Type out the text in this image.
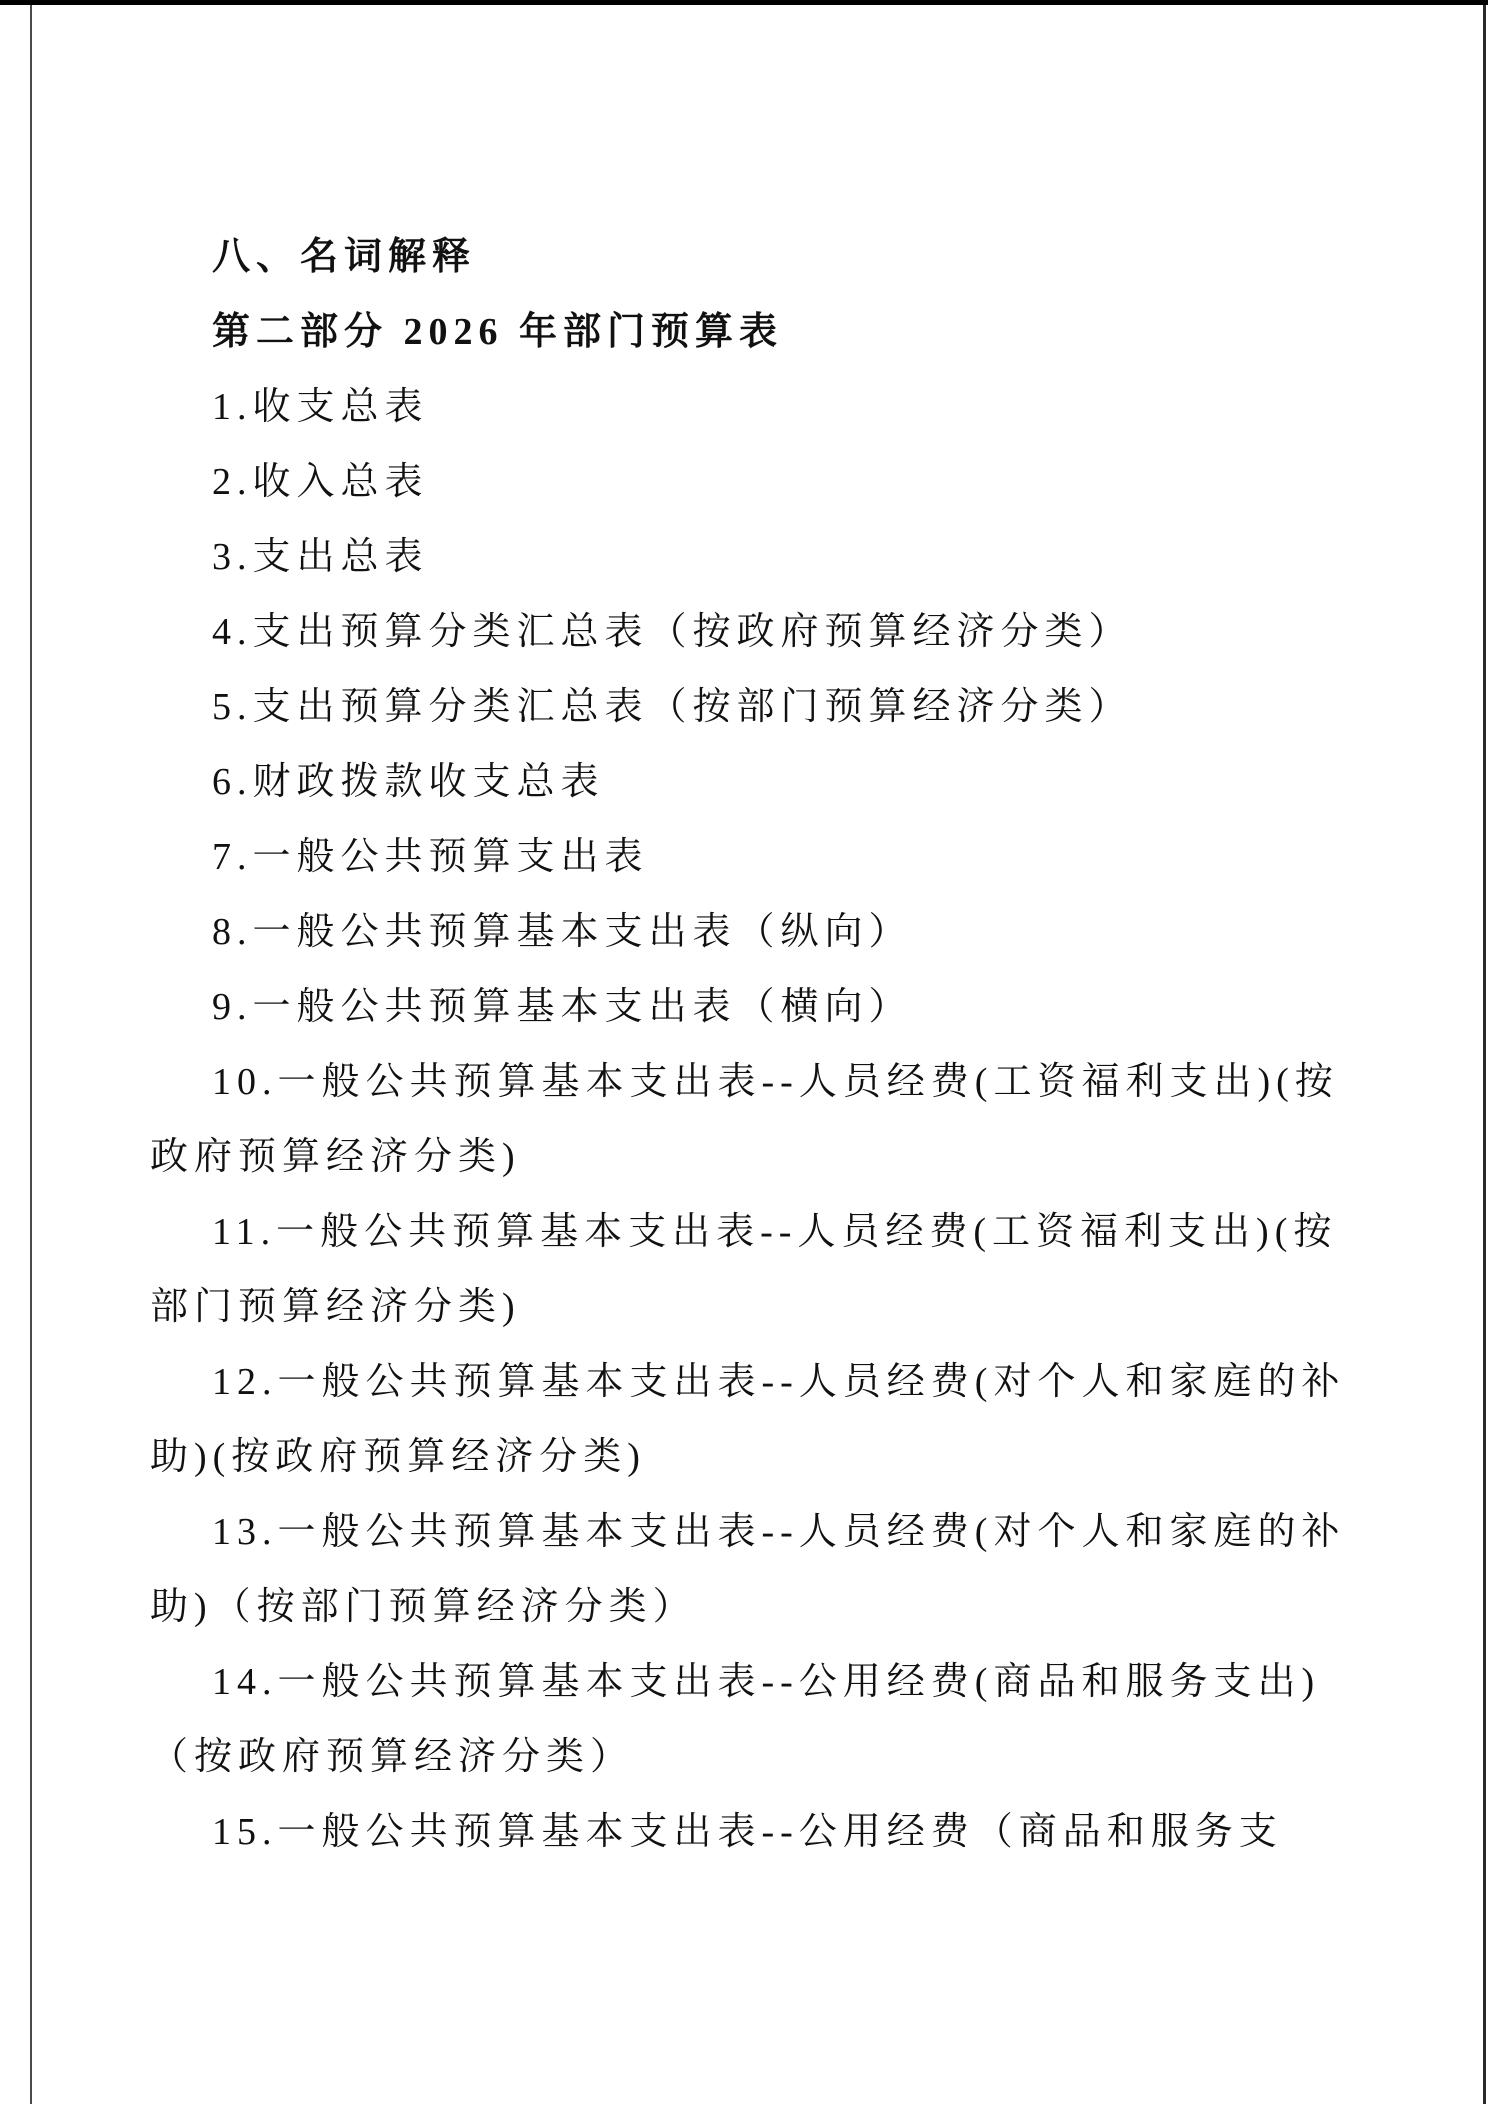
八、名词解释
第二部分 2026 年部门预算表
1.收支总表
2.收入总表
3.支出总表
4.支出预算分类汇总表（按政府预算经济分类）
5.支出预算分类汇总表（按部门预算经济分类）
6.财政拨款收支总表
7.一般公共预算支出表
8.一般公共预算基本支出表（纵向）
9.一般公共预算基本支出表（横向）
10.一般公共预算基本支出表--人员经费(工资福利支出)(按
政府预算经济分类)
11.一般公共预算基本支出表--人员经费(工资福利支出)(按
部门预算经济分类)
12.一般公共预算基本支出表--人员经费(对个人和家庭的补
助)(按政府预算经济分类)
13.一般公共预算基本支出表--人员经费(对个人和家庭的补
助)（按部门预算经济分类）
14.一般公共预算基本支出表--公用经费(商品和服务支出)
（按政府预算经济分类）
15.一般公共预算基本支出表--公用经费（商品和服务支
